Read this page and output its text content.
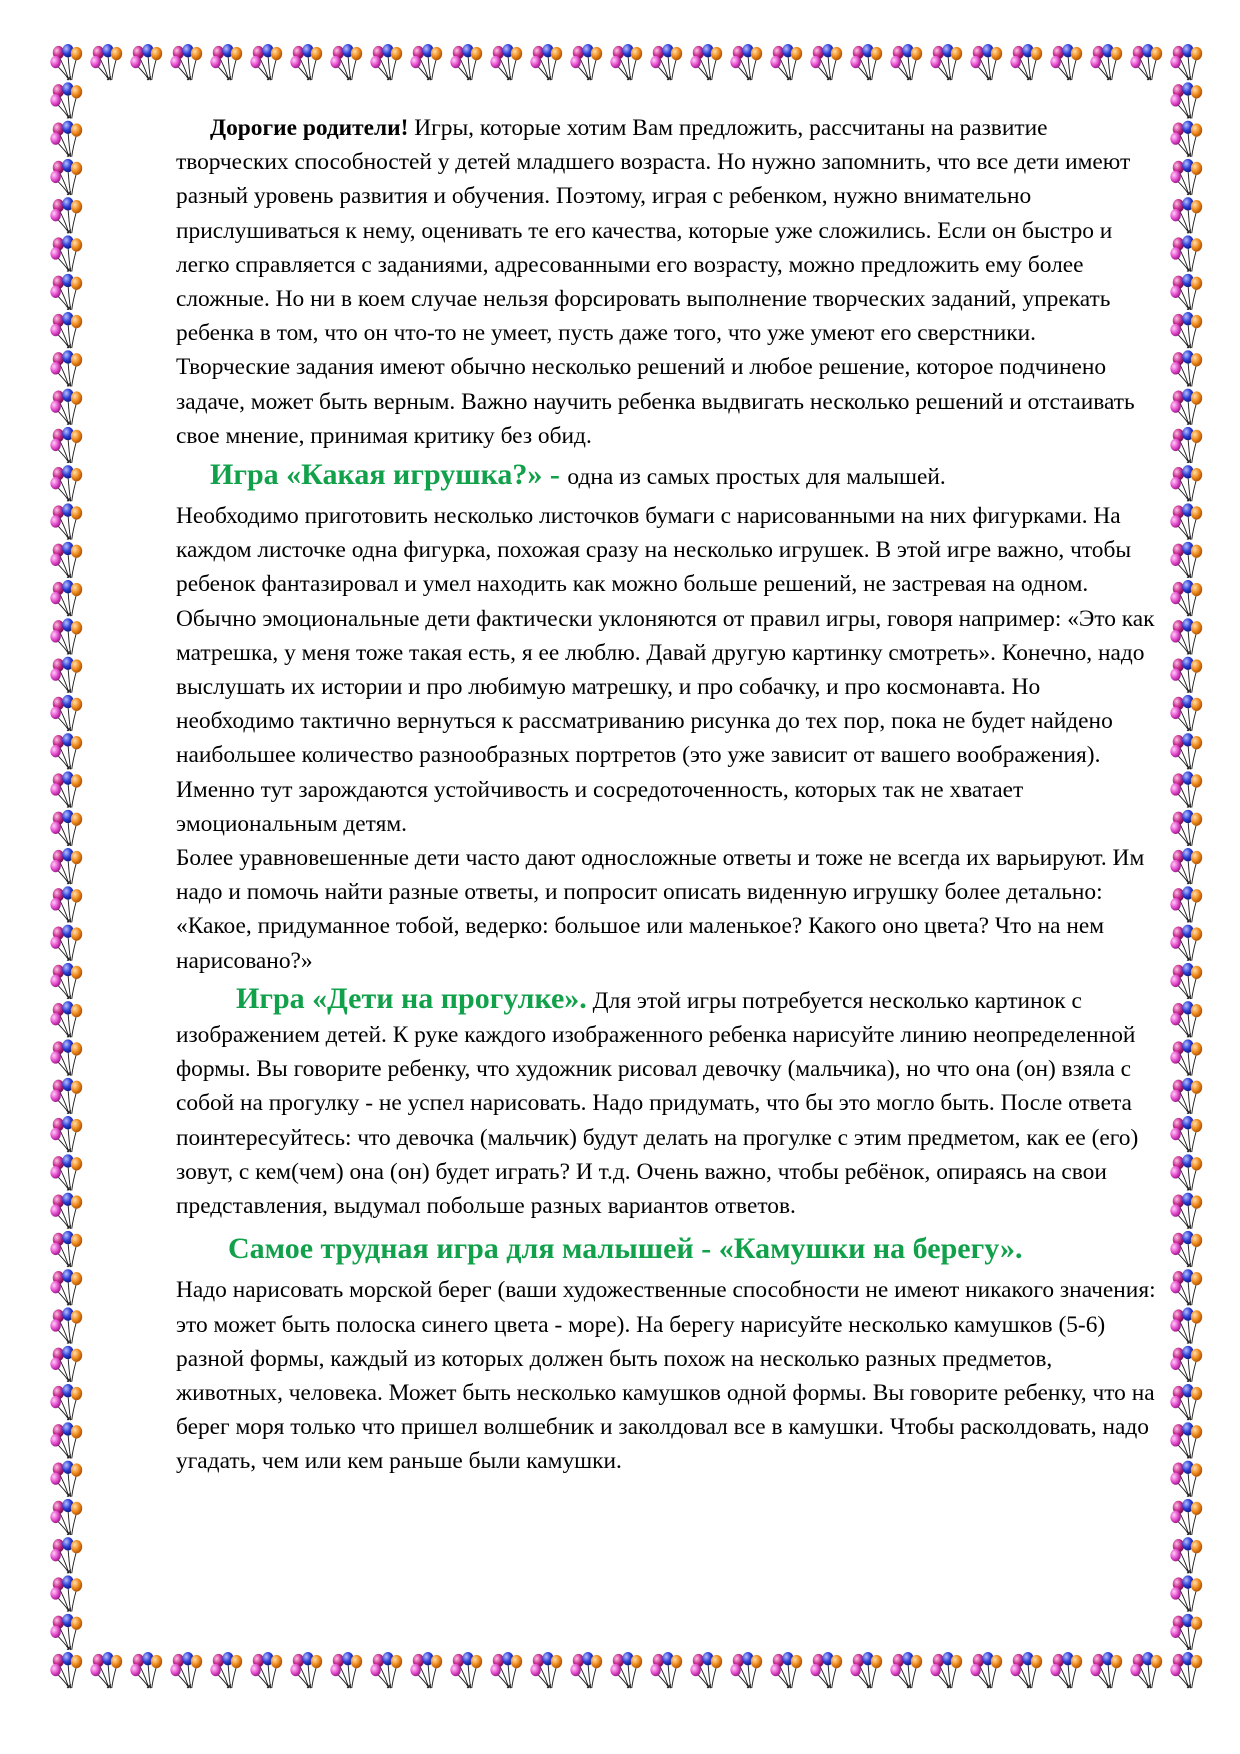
Дорогие родители! Игры, которые хотим Вам предложить, рассчитаны на развитие творческих способностей у детей младшего возраста. Но нужно запомнить, что все дети имеют разный уровень развития и обучения. Поэтому, играя с ребенком, нужно внимательно прислушиваться к нему, оценивать те его качества, которые уже сложились. Если он быстро и легко справляется с заданиями, адресованными его возрасту, можно предложить ему более сложные. Но ни в коем случае нельзя форсировать выполнение творческих заданий, упрекать ребенка в том, что он что-то не умеет, пусть даже того, что уже умеют его сверстники.

Творческие задания имеют обычно несколько решений и любое решение, которое подчинено задаче, может быть верным. Важно научить ребенка выдвигать несколько решений и отстаивать свое мнение, принимая критику без обид.

Игра «Какая игрушка?» - одна из самых простых для малышей.

Необходимо приготовить несколько листочков бумаги с нарисованными на них фигурками. На каждом листочке одна фигурка, похожая сразу на несколько игрушек. В этой игре важно, чтобы ребенок фантазировал и умел находить как можно больше решений, не застревая на одном. Обычно эмоциональные дети фактически уклоняются от правил игры, говоря например: «Это как матрешка, у меня тоже такая есть, я ее люблю. Давай другую картинку смотреть». Конечно, надо выслушать их истории и про любимую матрешку, и про собачку, и про космонавта. Но необходимо тактично вернуться к рассматриванию рисунка до тех пор, пока не будет найдено наибольшее количество разнообразных портретов (это уже зависит от вашего воображения). Именно тут зарождаются устойчивость и сосредоточенность, которых так не хватает эмоциональным детям.

Более уравновешенные дети часто дают односложные ответы и тоже не всегда их варьируют. Им надо и помочь найти разные ответы, и попросит описать виденную игрушку более детально: «Какое, придуманное тобой, ведерко: большое или маленькое? Какого оно цвета? Что на нем нарисовано?»

Игра «Дети на прогулке». Для этой игры потребуется несколько картинок с изображением детей. К руке каждого изображенного ребенка нарисуйте линию неопределенной формы. Вы говорите ребенку, что художник рисовал девочку (мальчика), но что она (он) взяла с собой на прогулку - не успел нарисовать. Надо придумать, что бы это могло быть. После ответа поинтересуйтесь: что девочка (мальчик) будут делать на прогулке с этим предметом, как ее (его) зовут, с кем(чем) она (он) будет играть? И т.д. Очень важно, чтобы ребёнок, опираясь на свои представления, выдумал побольше разных вариантов ответов.

Самое трудная игра для малышей - «Камушки на берегу».

Надо нарисовать морской берег (ваши художественные способности не имеют никакого значения: это может быть полоска синего цвета - море). На берегу нарисуйте несколько камушков (5-6) разной формы, каждый из которых должен быть похож на несколько разных предметов, животных, человека. Может быть несколько камушков одной формы. Вы говорите ребенку, что на берег моря только что пришел волшебник и заколдовал все в камушки. Чтобы расколдовать, надо угадать, чем или кем раньше были камушки.
